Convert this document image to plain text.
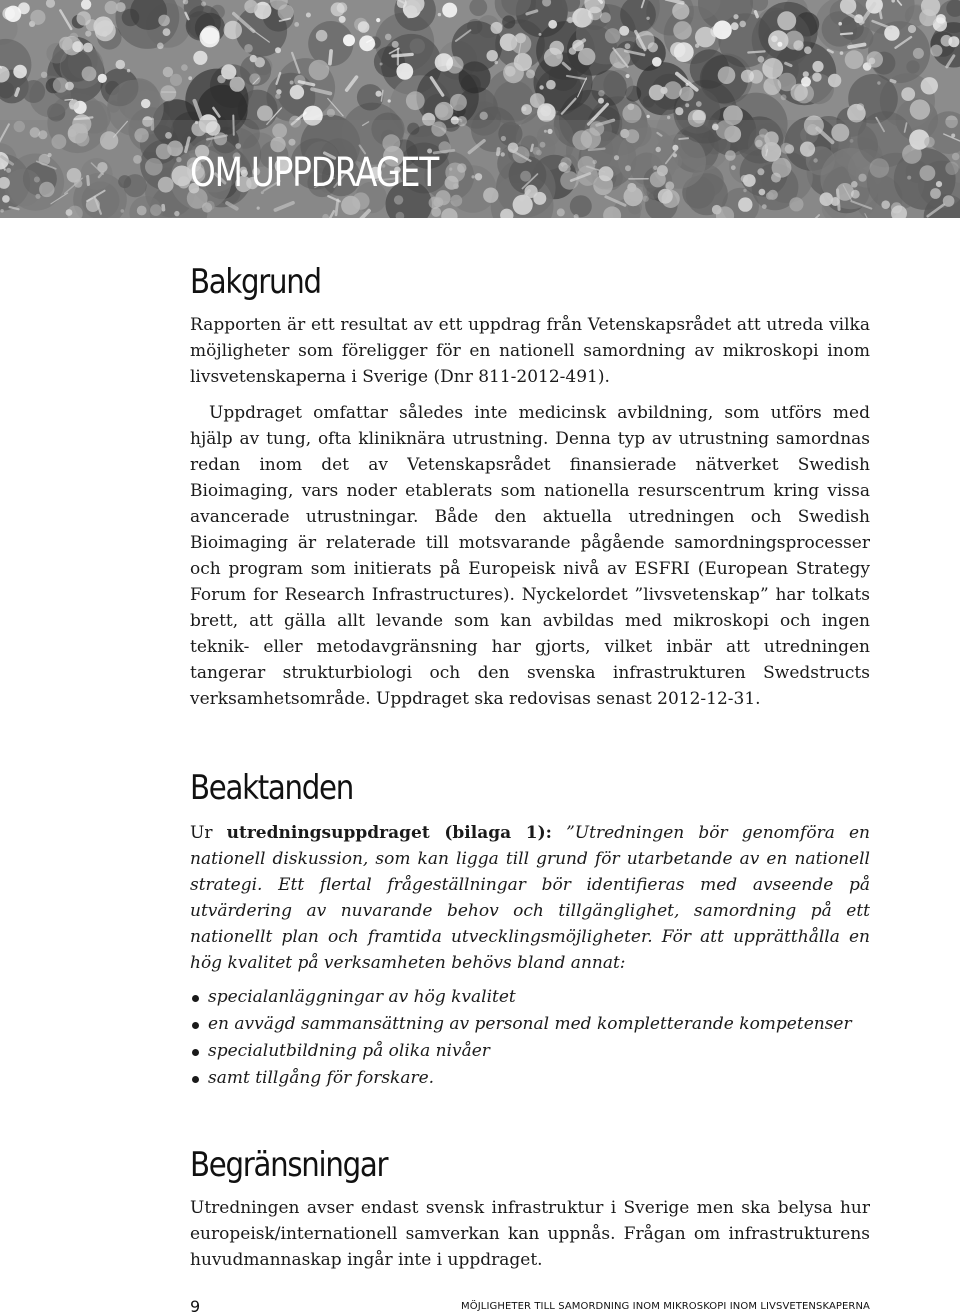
OM UPPDRAGET
Bakgrund

Rapporten är ett resultat av ett uppdrag från Vetenskapsrådet att utreda vilka möjligheter som föreligger för en nationell samordning av mikroskopi inom livsvetenskaperna i Sverige (Dnr 811-2012-491).

Uppdraget omfattar således inte medicinsk avbildning, som utförs med hjälp av tung, ofta kliniknära utrustning. Denna typ av utrustning samordnas redan inom det av Vetenskapsrådet finansierade nätverket Swedish Bioimaging, vars noder etablerats som nationella resurscentrum kring vissa avancerade utrustningar. Både den aktuella utredningen och Swedish Bioimaging är relaterade till motsvarande pågående samordningsprocesser och program som initierats på Europeisk nivå av ESFRI (European Strategy Forum for Research Infrastructures). Nyckelordet ”livsvetenskap” har tolkats brett, att gälla allt levande som kan avbildas med mikroskopi och ingen teknik- eller metodavgränsning har gjorts, vilket inbär att utredningen tangerar strukturbiologi och den svenska infrastrukturen Swedstructs verksamhetsområde. Uppdraget ska redovisas senast 2012-12-31.

Beaktanden

Ur utredningsuppdraget (bilaga 1): ”Utredningen bör genomföra en nationell diskussion, som kan ligga till grund för utarbetande av en nationell strategi. Ett flertal frågeställningar bör identifieras med avseende på utvärdering av nuvarande behov och tillgänglighet, samordning på ett nationellt plan och framtida utvecklingsmöjligheter. För att upprätthålla en hög kvalitet på verksamheten behövs bland annat:

specialanläggningar av hög kvalitet
en avvägd sammansättning av personal med kompletterande kompetenser
specialutbildning på olika nivåer
samt tillgång för forskare.
Begränsningar

Utredningen avser endast svensk infrastruktur i Sverige men ska belysa hur europeisk/internationell samverkan kan uppnås. Frågan om infrastrukturens huvudmannaskap ingår inte i uppdraget.

9	MÖJLIGHETER TILL SAMORDNING INOM MIKROSKOPI INOM LIVSVETENSKAPERNA
